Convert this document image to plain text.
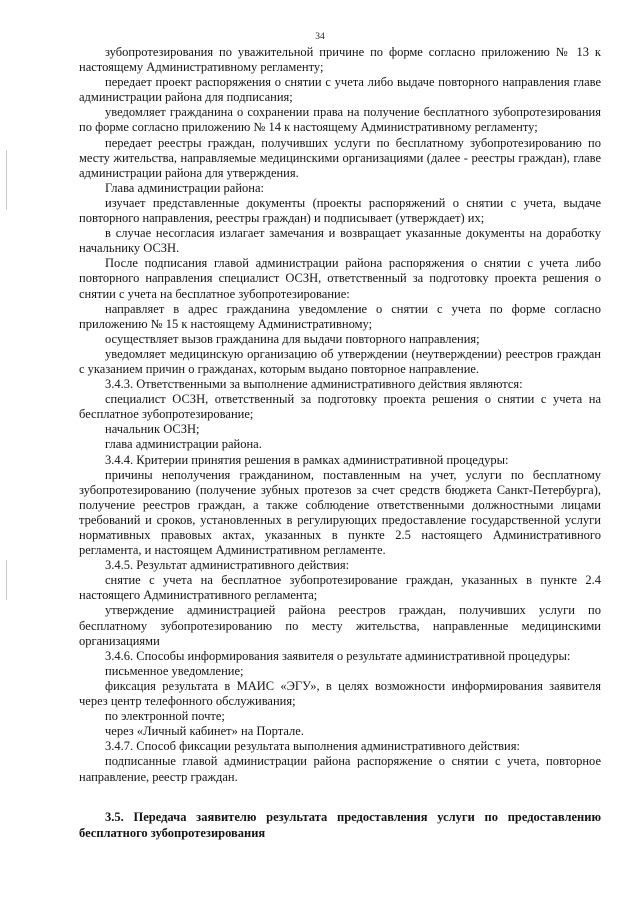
34

зубопротезирования по уважительной причине по форме согласно приложению № 13 к настоящему Административному регламенту;

передает проект распоряжения о снятии с учета либо выдаче повторного направления главе администрации района для подписания;

уведомляет гражданина о сохранении права на получение бесплатного зубопротезирования по форме согласно приложению № 14 к настоящему Административному регламенту;

передает реестры граждан, получивших услуги по бесплатному зубопротезированию по месту жительства, направляемые медицинскими организациями (далее - реестры граждан), главе администрации района для утверждения.

Глава администрации района:

изучает представленные документы (проекты распоряжений о снятии с учета, выдаче повторного направления, реестры граждан) и подписывает (утверждает) их;

в случае несогласия излагает замечания и возвращает указанные документы на доработку начальнику ОСЗН.

После подписания главой администрации района распоряжения о снятии с учета либо повторного направления специалист ОСЗН, ответственный за подготовку проекта решения о снятии с учета на бесплатное зубопротезирование:

направляет в адрес гражданина уведомление о снятии с учета по форме согласно приложению № 15 к настоящему Административному;

осуществляет вызов гражданина для выдачи повторного направления;

уведомляет медицинскую организацию об утверждении (неутверждении) реестров граждан с указанием причин о гражданах, которым выдано повторное направление.

3.4.3. Ответственными за выполнение административного действия являются:

специалист ОСЗН, ответственный за подготовку проекта решения о снятии с учета на бесплатное зубопротезирование;

начальник ОСЗН;

глава администрации района.

3.4.4. Критерии принятия решения в рамках административной процедуры:

причины неполучения гражданином, поставленным на учет, услуги по бесплатному зубопротезированию (получение зубных протезов за счет средств бюджета Санкт-Петербурга), получение реестров граждан, а также соблюдение ответственными должностными лицами требований и сроков, установленных в регулирующих предоставление государственной услуги нормативных правовых актах, указанных в пункте 2.5 настоящего Административного регламента, и настоящем Административном регламенте.

3.4.5. Результат административного действия:

снятие с учета на бесплатное зубопротезирование граждан, указанных в пункте 2.4 настоящего Административного регламента;

утверждение администрацией района реестров граждан, получивших услуги по бесплатному зубопротезированию по месту жительства, направленные медицинскими организациями

3.4.6. Способы информирования заявителя о результате административной процедуры:

письменное уведомление;

фиксация результата в МАИС «ЭГУ», в целях возможности информирования заявителя через центр телефонного обслуживания;

по электронной почте;

через «Личный кабинет» на Портале.

3.4.7. Способ фиксации результата выполнения административного действия:

подписанные главой администрации района распоряжение о снятии с учета, повторное направление, реестр граждан.

3.5. Передача заявителю результата предоставления услуги по предоставлению бесплатного зубопротезирования
